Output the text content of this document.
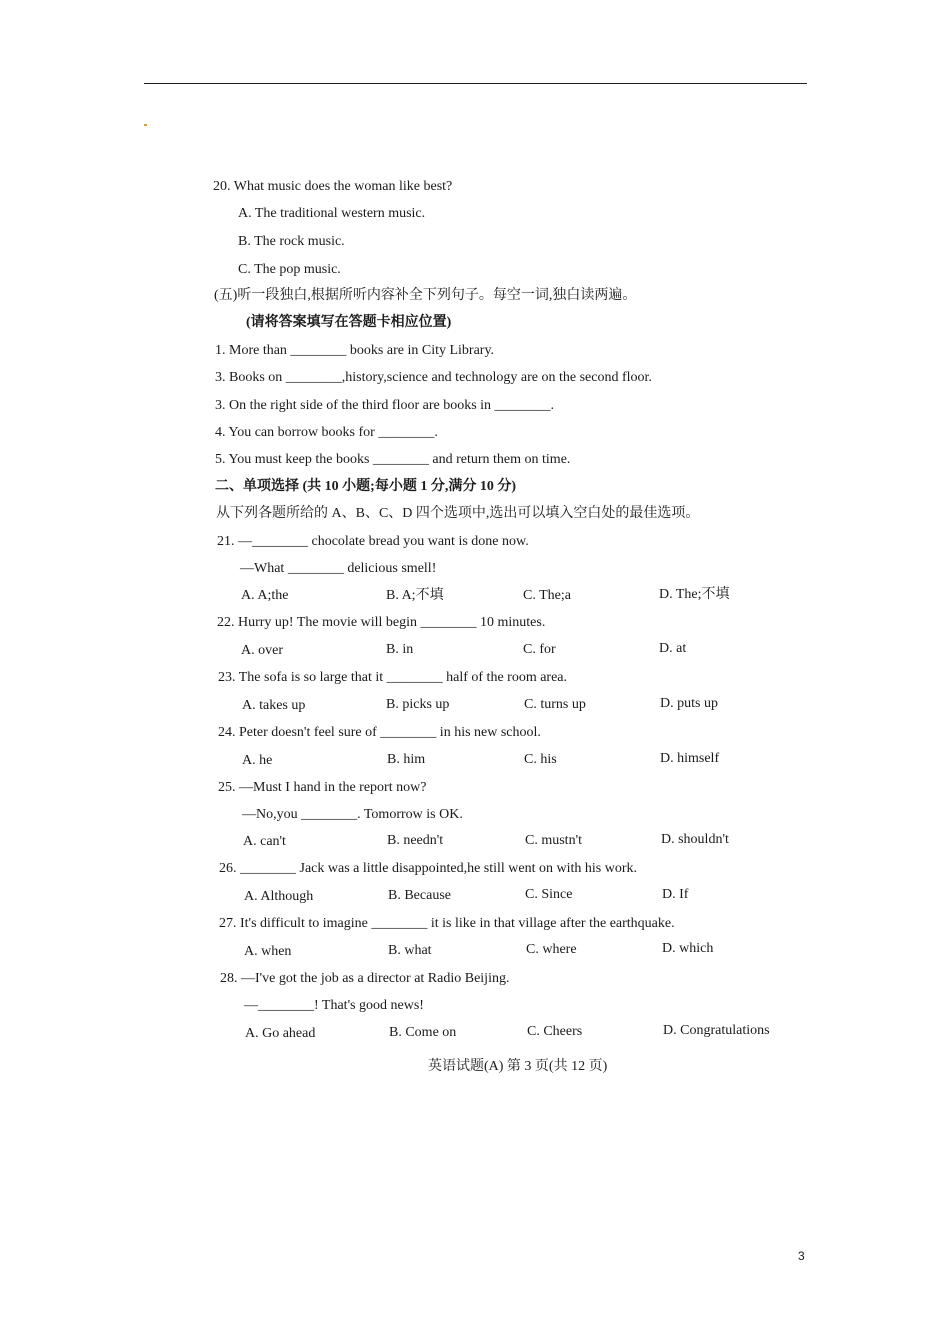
20. What music does the woman like best?
A. The traditional western music.
B. The rock music.
C. The pop music.
(五)听一段独白,根据所听内容补全下列句子。每空一词,独白读两遍。
(请将答案填写在答题卡相应位置)
1. More than ________ books are in City Library.
3. Books on ________,history,science and technology are on the second floor.
3. On the right side of the third floor are books in ________.
4. You can borrow books for ________.
5. You must keep the books ________ and return them on time.
二、单项选择 (共 10 小题;每小题 1 分,满分 10 分)
从下列各题所给的 A、B、C、D 四个选项中,选出可以填入空白处的最佳选项。
21. —________ chocolate bread you want is done now.
—What ________ delicious smell!
A. A;the	B. A;不填	C. The;a	D. The;不填
22. Hurry up! The movie will begin ________ 10 minutes.
A. over	B. in	C. for	D. at
23. The sofa is so large that it ________ half of the room area.
A. takes up	B. picks up	C. turns up	D. puts up
24. Peter doesn't feel sure of ________ in his new school.
A. he	B. him	C. his	D. himself
25. —Must I hand in the report now?
—No,you ________. Tomorrow is OK.
A. can't	B. needn't	C. mustn't	D. shouldn't
26. ________ Jack was a little disappointed,he still went on with his work.
A. Although	B. Because	C. Since	D. If
27. It's difficult to imagine ________ it is like in that village after the earthquake.
A. when	B. what	C. where	D. which
28. —I've got the job as a director at Radio Beijing.
—________! That's good news!
A. Go ahead	B. Come on	C. Cheers	D. Congratulations
英语试题(A) 第 3 页(共 12 页)
3
